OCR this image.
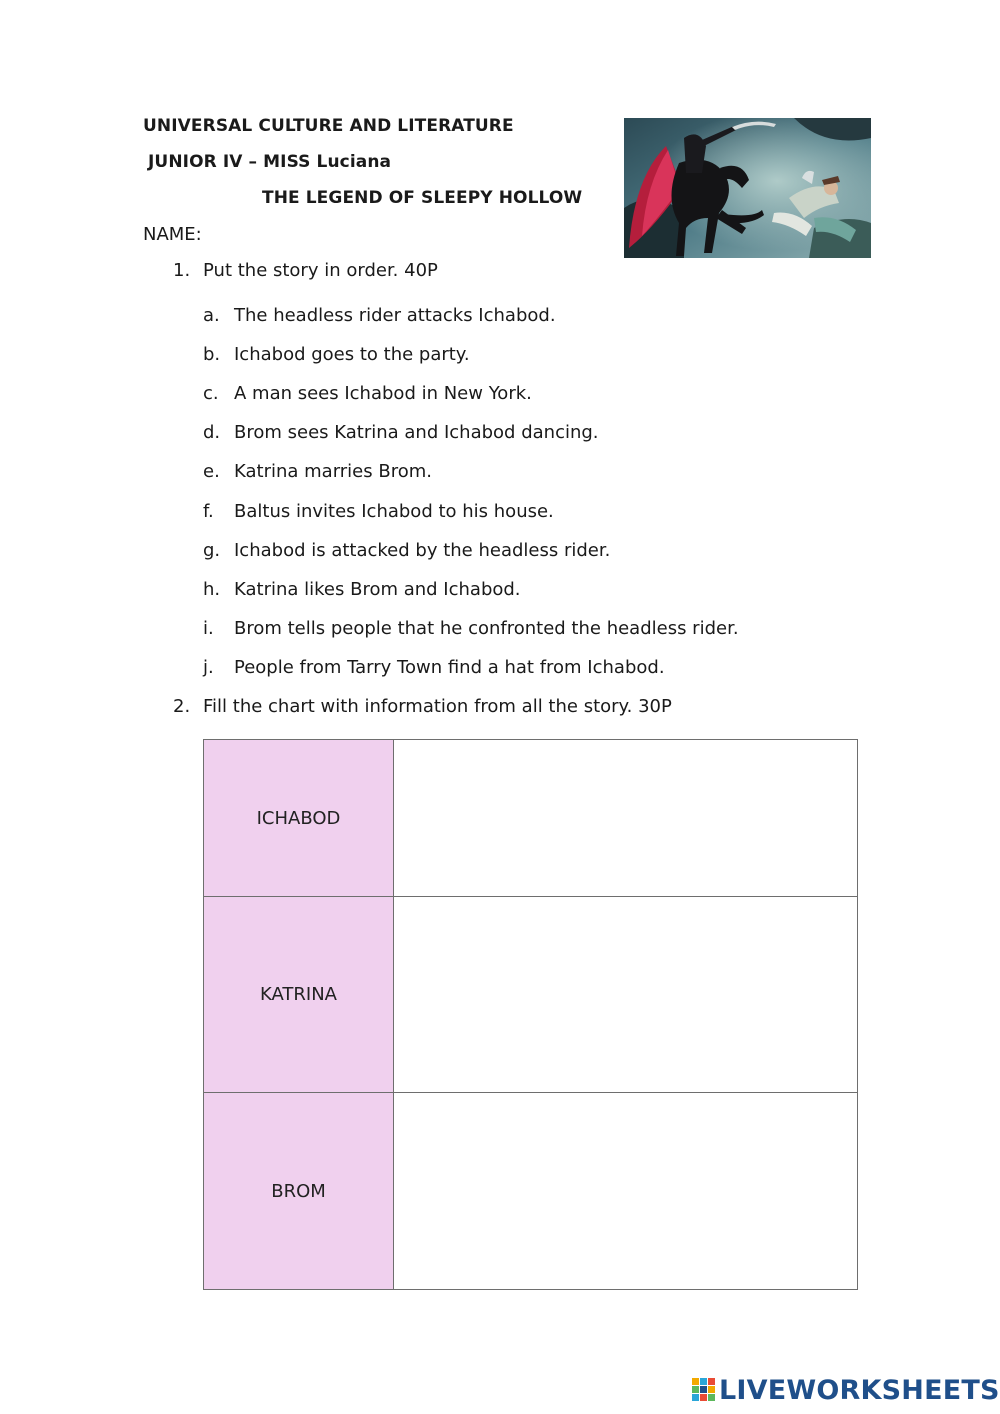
UNIVERSAL CULTURE AND LITERATURE
JUNIOR IV – MISS Luciana
THE LEGEND OF SLEEPY HOLLOW
NAME:
1. Put the story in order. 40P
a. The headless rider attacks Ichabod.
b. Ichabod goes to the party.
c. A man sees Ichabod in New York.
d. Brom sees Katrina and Ichabod dancing.
e. Katrina marries Brom.
f. Baltus invites Ichabod to his house.
g. Ichabod is attacked by the headless rider.
h. Katrina likes Brom and Ichabod.
i. Brom tells people that he confronted the headless rider.
j. People from Tarry Town find a hat from Ichabod.
2. Fill the chart with information from all the story. 30P
ICHABOD
KATRINA
BROM
LIVEWORKSHEETS
